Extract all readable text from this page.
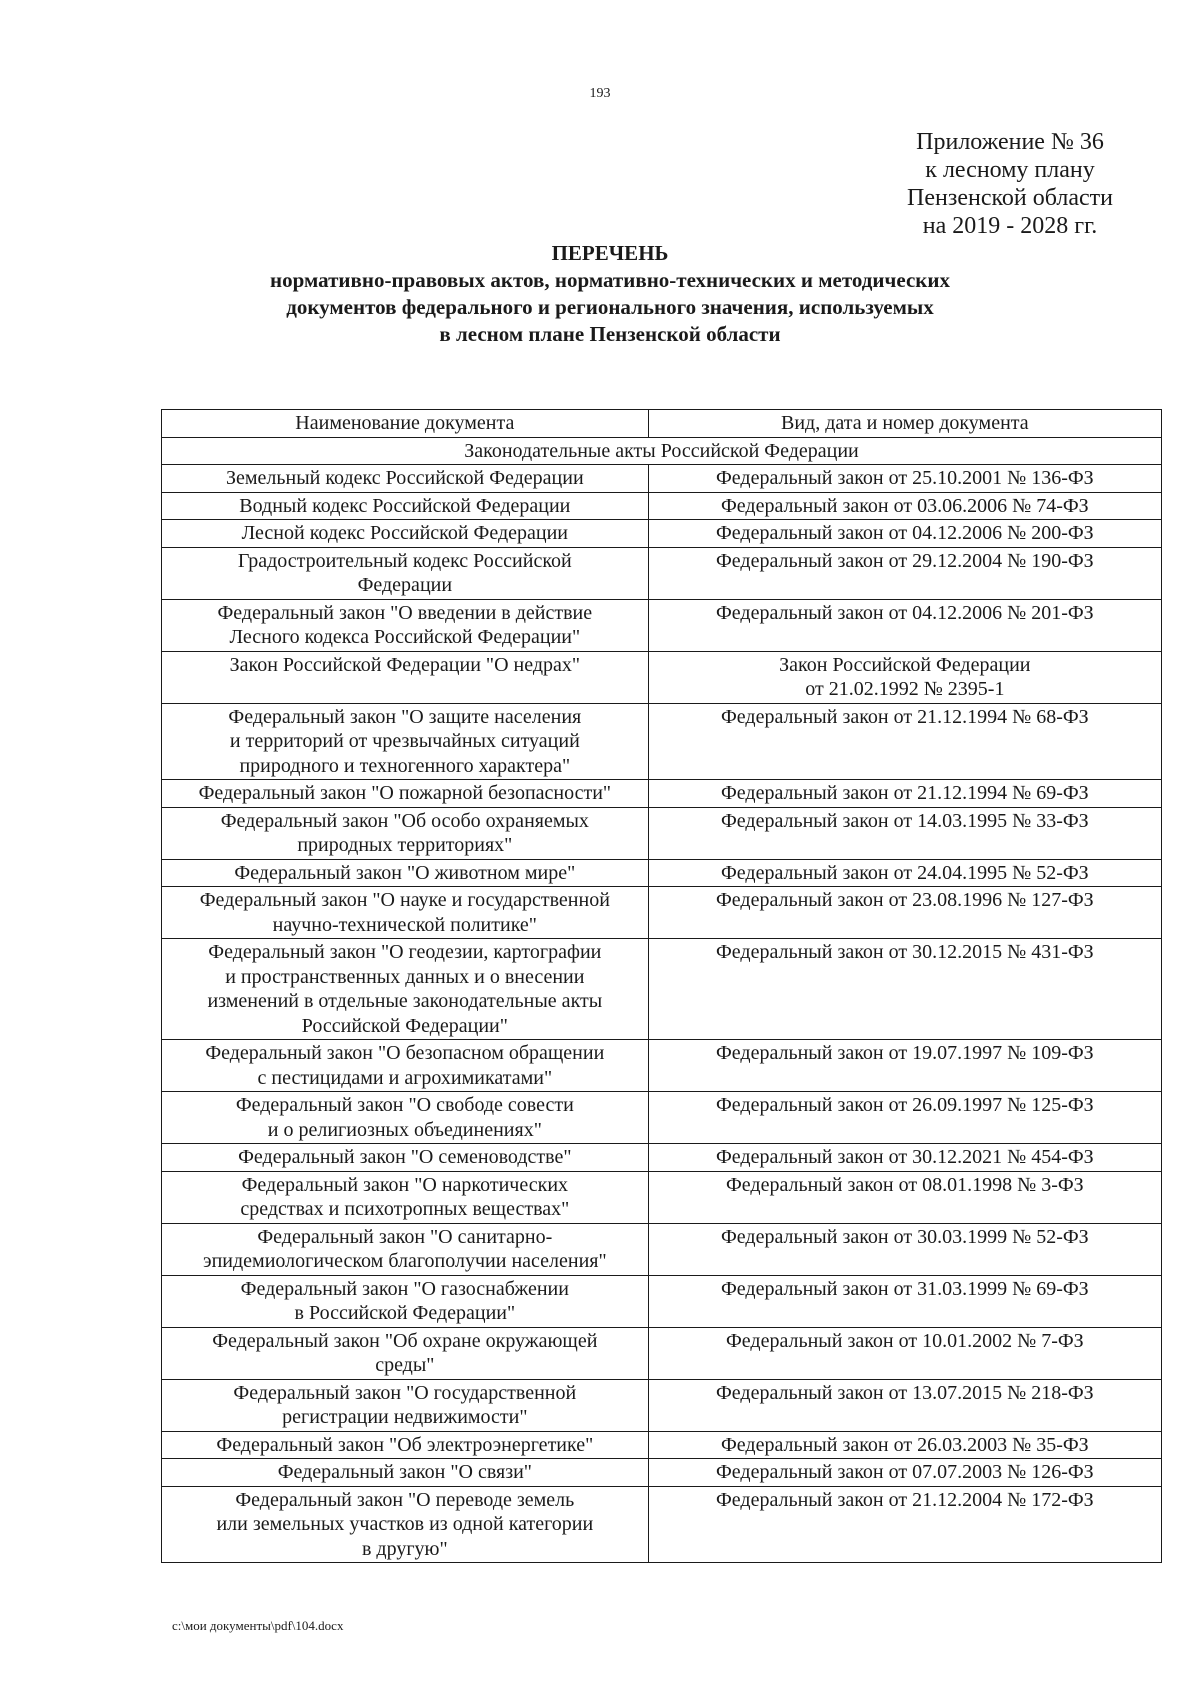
193
Приложение № 36
к лесному плану
Пензенской области
на 2019 - 2028 гг.
ПЕРЕЧЕНЬ
нормативно-правовых актов, нормативно-технических и методических
документов федерального и регионального значения, используемых
в лесном плане Пензенской области
Наименование документа	Вид, дата и номер документа
Законодательные акты Российской Федерации	

Земельный кодекс Российской Федерации	Федеральный закон от 25.10.2001 № 136-ФЗ

Водный кодекс Российской Федерации	Федеральный закон от 03.06.2006 № 74-ФЗ

Лесной кодекс Российской Федерации	Федеральный закон от 04.12.2006 № 200-ФЗ

Градостроительный кодекс Российской
Федерации	Федеральный закон от 29.12.2004 № 190-ФЗ

Федеральный закон "О введении в действие
Лесного кодекса Российской Федерации"	Федеральный закон от 04.12.2006 № 201-ФЗ

Закон Российской Федерации "О недрах"	Закон Российской Федерации
от 21.02.1992 № 2395-1

Федеральный закон "О защите населения
и территорий от чрезвычайных ситуаций
природного и техногенного характера"	Федеральный закон от 21.12.1994 № 68-ФЗ

Федеральный закон "О пожарной безопасности"	Федеральный закон от 21.12.1994 № 69-ФЗ

Федеральный закон "Об особо охраняемых
природных территориях"	Федеральный закон от 14.03.1995 № 33-ФЗ

Федеральный закон "О животном мире"	Федеральный закон от 24.04.1995 № 52-ФЗ

Федеральный закон "О науке и государственной
научно-технической политике"	Федеральный закон от 23.08.1996 № 127-ФЗ

Федеральный закон "О геодезии, картографии
и пространственных данных и о внесении
изменений в отдельные законодательные акты
Российской Федерации"	Федеральный закон от 30.12.2015 № 431-ФЗ

Федеральный закон "О безопасном обращении
с пестицидами и агрохимикатами"	Федеральный закон от 19.07.1997 № 109-ФЗ

Федеральный закон "О свободе совести
и о религиозных объединениях"	Федеральный закон от 26.09.1997 № 125-ФЗ

Федеральный закон "О семеноводстве"	Федеральный закон от 30.12.2021 № 454-ФЗ

Федеральный закон "О наркотических
средствах и психотропных веществах"	Федеральный закон от 08.01.1998 № 3-ФЗ

Федеральный закон "О санитарно-
эпидемиологическом благополучии населения"	Федеральный закон от 30.03.1999 № 52-ФЗ

Федеральный закон "О газоснабжении
в Российской Федерации"	Федеральный закон от 31.03.1999 № 69-ФЗ

Федеральный закон "Об охране окружающей
среды"	Федеральный закон от 10.01.2002 № 7-ФЗ

Федеральный закон "О государственной
регистрации недвижимости"	Федеральный закон от 13.07.2015 № 218-ФЗ

Федеральный закон "Об электроэнергетике"	Федеральный закон от 26.03.2003 № 35-ФЗ

Федеральный закон "О связи"	Федеральный закон от 07.07.2003 № 126-ФЗ

Федеральный закон "О переводе земель
или земельных участков из одной категории
в другую"	Федеральный закон от 21.12.2004 № 172-ФЗ
c:\мои документы\pdf\104.docx
